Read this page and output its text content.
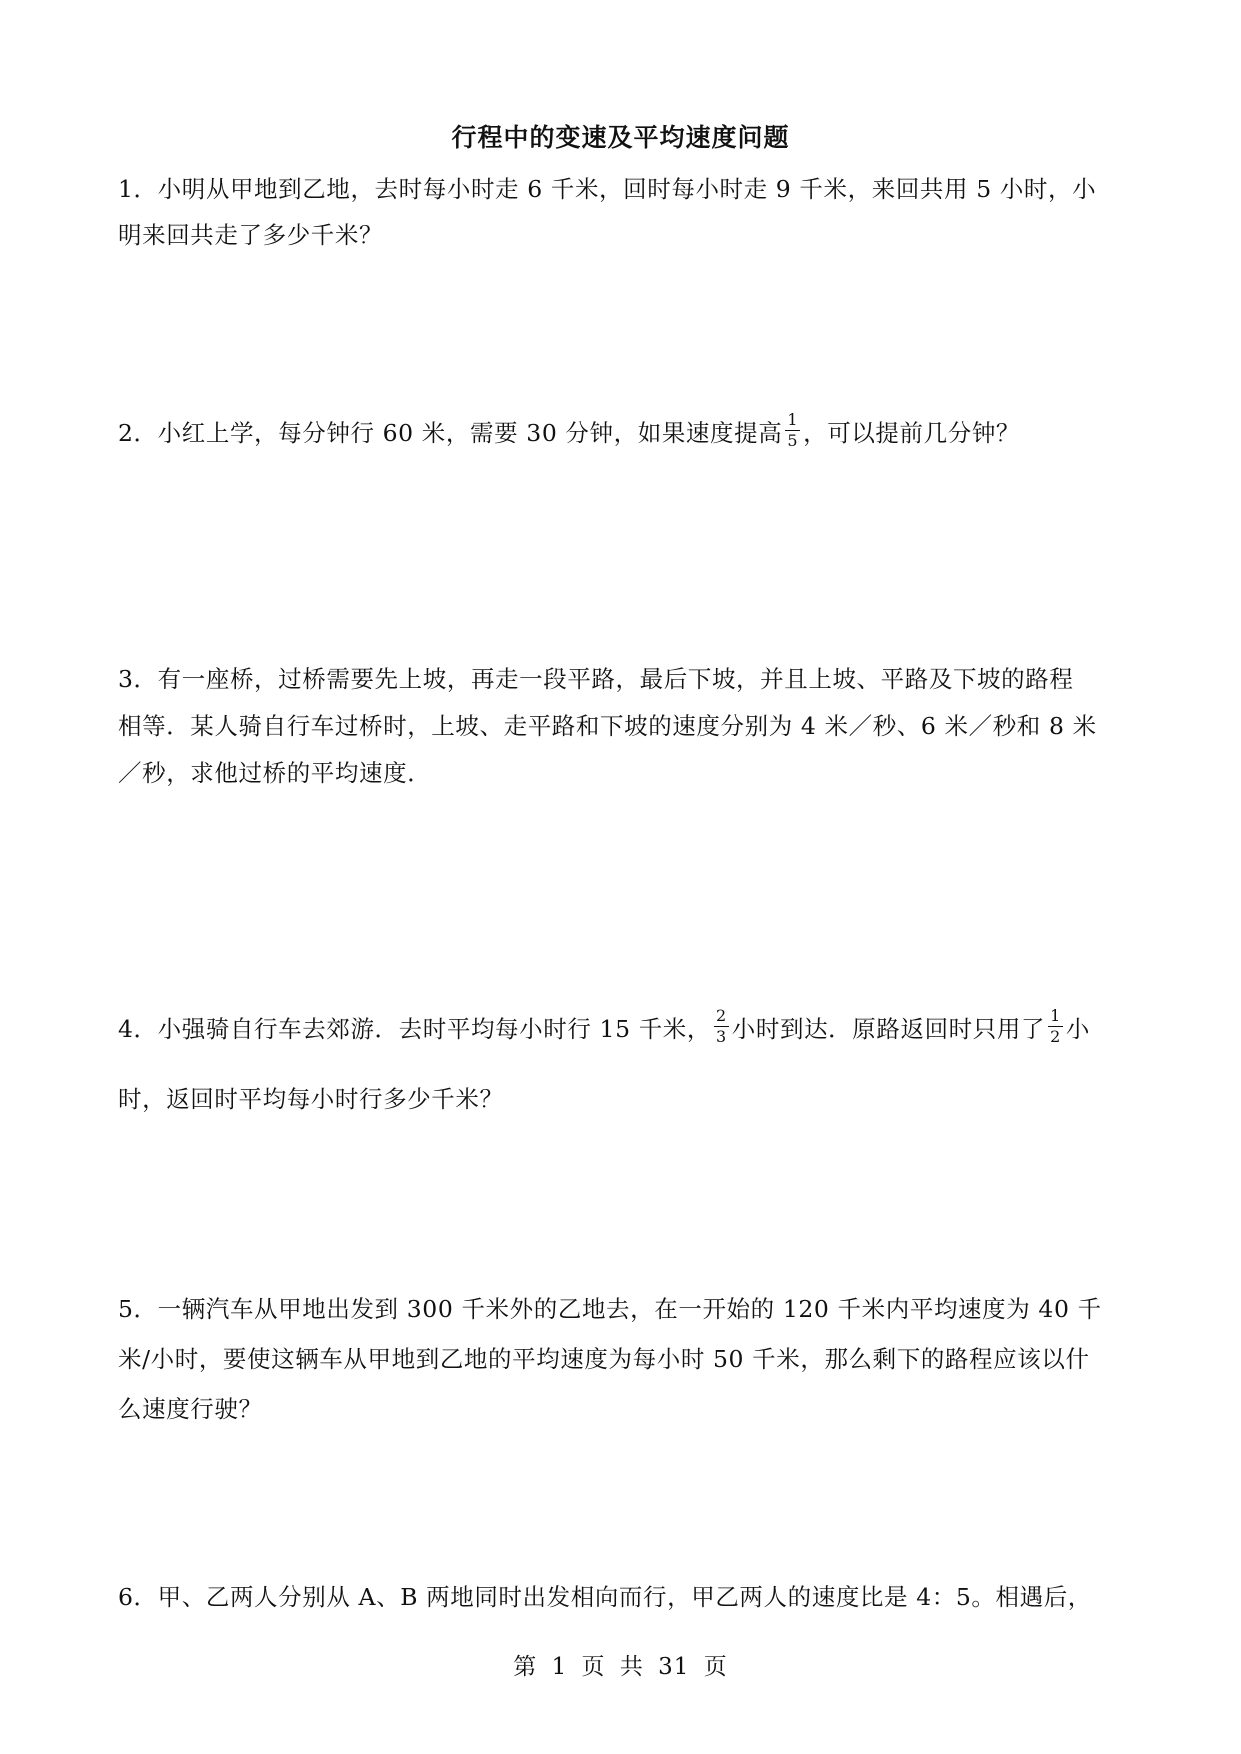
行程中的变速及平均速度问题
1．小明从甲地到乙地，去时每小时走 6 千米，回时每小时走 9 千米，来回共用 5 小时，小
明来回共走了多少千米？
2．小红上学，每分钟行 60 米，需要 30 分钟，如果速度提高 $\frac{1}{5}$ ，可以提前几分钟？
3．有一座桥，过桥需要先上坡，再走一段平路，最后下坡，并且上坡、平路及下坡的路程
相等．某人骑自行车过桥时，上坡、走平路和下坡的速度分别为 4 米／秒、6 米／秒和 8 米
／秒，求他过桥的平均速度．
4．小强骑自行车去郊游．去时平均每小时行 15 千米， $\frac{2}{3}$ 小时到达．原路返回时只用了 $\frac{1}{2}$ 小
时，返回时平均每小时行多少千米？
5．一辆汽车从甲地出发到 300 千米外的乙地去，在一开始的 120 千米内平均速度为 40 千
米/小时，要使这辆车从甲地到乙地的平均速度为每小时 50 千米，那么剩下的路程应该以什
么速度行驶？
6．甲、乙两人分别从 A、B 两地同时出发相向而行，甲乙两人的速度比是 4：5。相遇后，
第 1 页 共 31 页
